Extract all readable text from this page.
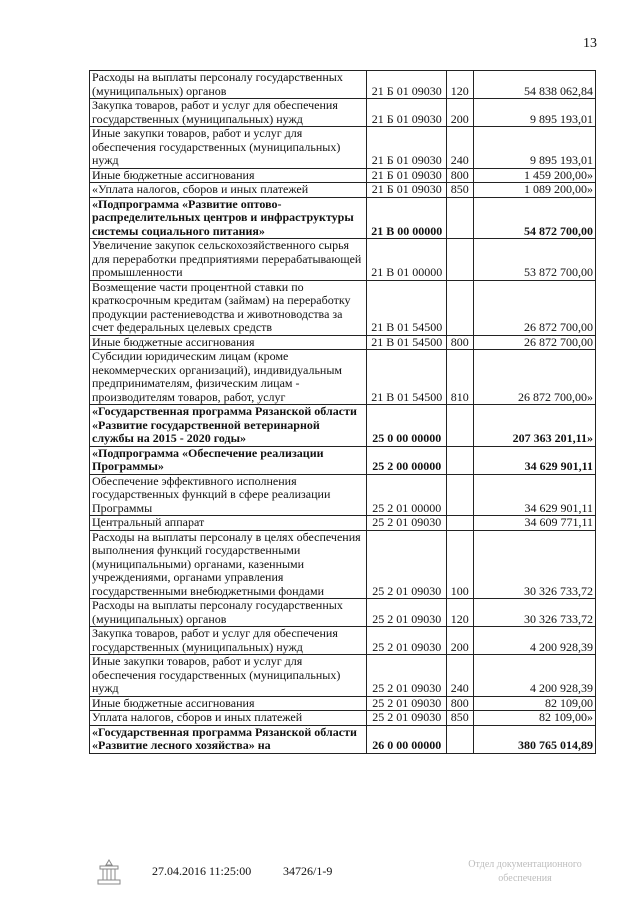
13
Расходы на выплаты персоналу государственных (муниципальных) органов	21 Б 01 09030	120	54 838 062,84
Закупка товаров, работ и услуг для обеспечения государственных (муниципальных) нужд	21 Б 01 09030	200	9 895 193,01
Иные закупки товаров, работ и услуг для обеспечения государственных (муниципальных) нужд	21 Б 01 09030	240	9 895 193,01
Иные бюджетные ассигнования	21 Б 01 09030	800	1 459 200,00»
«Уплата налогов, сборов и иных платежей	21 Б 01 09030	850	1 089 200,00»
«Подпрограмма «Развитие оптово-распределительных центров и инфраструктуры системы социального питания»	21 В 00 00000		54 872 700,00
Увеличение закупок сельскохозяйственного сырья для переработки предприятиями перерабатывающей промышленности	21 В 01 00000		53 872 700,00
Возмещение части процентной ставки по краткосрочным кредитам (займам) на переработку продукции растениеводства и животноводства за счет федеральных целевых средств	21 В 01 54500		26 872 700,00
Иные бюджетные ассигнования	21 В 01 54500	800	26 872 700,00
Субсидии юридическим лицам (кроме некоммерческих организаций), индивидуальным предпринимателям, физическим лицам - производителям товаров, работ, услуг	21 В 01 54500	810	26 872 700,00»
«Государственная программа Рязанской области «Развитие государственной ветеринарной службы на 2015 - 2020 годы»	25 0 00 00000		207 363 201,11»
«Подпрограмма «Обеспечение реализации Программы»	25 2 00 00000		34 629 901,11
Обеспечение эффективного исполнения государственных функций в сфере реализации Программы	25 2 01 00000		34 629 901,11
Центральный аппарат	25 2 01 09030		34 609 771,11
Расходы на выплаты персоналу в целях обеспечения выполнения функций государственными (муниципальными) органами, казенными учреждениями, органами управления государственными внебюджетными фондами	25 2 01 09030	100	30 326 733,72
Расходы на выплаты персоналу государственных (муниципальных) органов	25 2 01 09030	120	30 326 733,72
Закупка товаров, работ и услуг для обеспечения государственных (муниципальных) нужд	25 2 01 09030	200	4 200 928,39
Иные закупки товаров, работ и услуг для обеспечения государственных (муниципальных) нужд	25 2 01 09030	240	4 200 928,39
Иные бюджетные ассигнования	25 2 01 09030	800	82 109,00
Уплата налогов, сборов и иных платежей	25 2 01 09030	850	82 109,00»
«Государственная программа Рязанской области «Развитие лесного хозяйства» на	26 0 00 00000		380 765 014,89
27.04.2016 11:25:00	34726/1-9	Отдел документационного
обеспечения
